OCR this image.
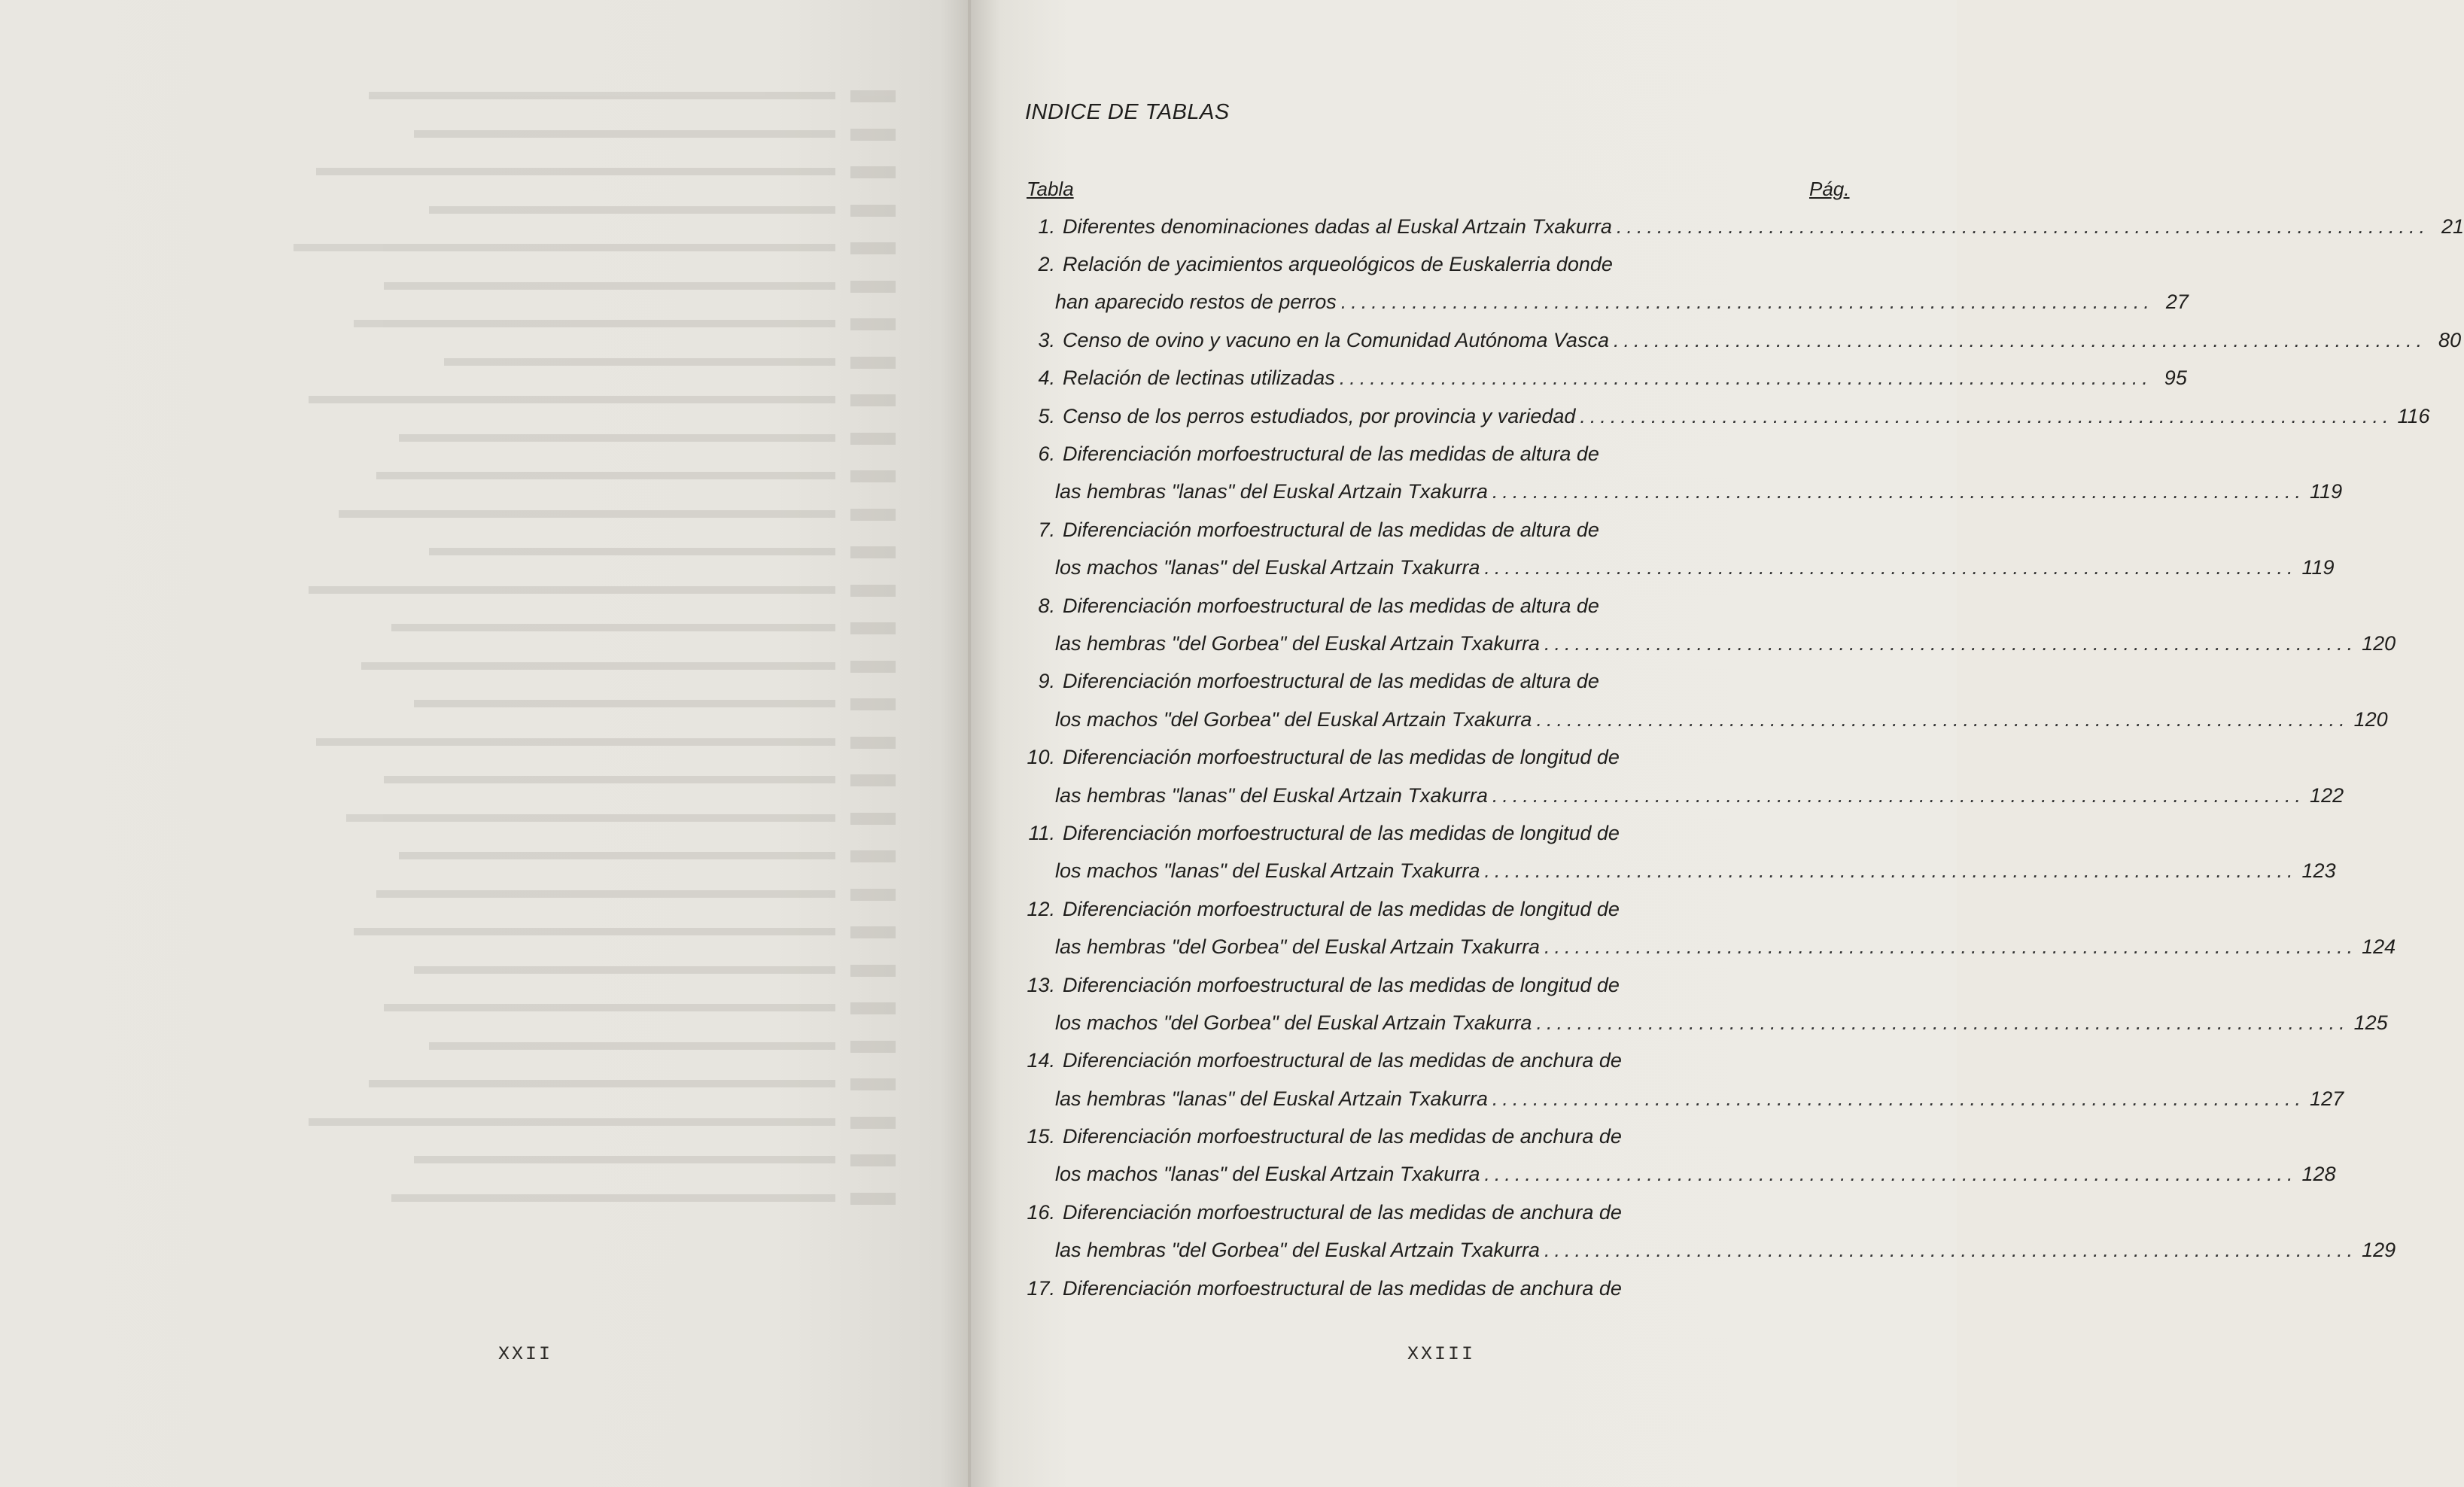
XXII
INDICE DE TABLAS
Tabla	Pág.
1. Diferentes denominaciones dadas al Euskal Artzain Txakurra ................................................................................ 21
2. Relación de yacimientos arqueológicos de Euskalerria donde
han aparecido restos de perros ................................................................................ 27
3. Censo de ovino y vacuno en la Comunidad Autónoma Vasca ................................................................................ 80
4. Relación de lectinas utilizadas ................................................................................ 95
5. Censo de los perros estudiados, por provincia y variedad ................................................................................ 116
6. Diferenciación morfoestructural de las medidas de altura de
las hembras "lanas" del Euskal Artzain Txakurra ................................................................................ 119
7. Diferenciación morfoestructural de las medidas de altura de
los machos "lanas" del Euskal Artzain Txakurra ................................................................................ 119
8. Diferenciación morfoestructural de las medidas de altura de
las hembras "del Gorbea" del Euskal Artzain Txakurra ................................................................................ 120
9. Diferenciación morfoestructural de las medidas de altura de
los machos "del Gorbea" del Euskal Artzain Txakurra ................................................................................ 120
10. Diferenciación morfoestructural de las medidas de longitud de
las hembras "lanas" del Euskal Artzain Txakurra ................................................................................ 122
11. Diferenciación morfoestructural de las medidas de longitud de
los machos "lanas" del Euskal Artzain Txakurra ................................................................................ 123
12. Diferenciación morfoestructural de las medidas de longitud de
las hembras "del Gorbea" del Euskal Artzain Txakurra ................................................................................ 124
13. Diferenciación morfoestructural de las medidas de longitud de
los machos "del Gorbea" del Euskal Artzain Txakurra ................................................................................ 125
14. Diferenciación morfoestructural de las medidas de anchura de
las hembras "lanas" del Euskal Artzain Txakurra ................................................................................ 127
15. Diferenciación morfoestructural de las medidas de anchura de
los machos "lanas" del Euskal Artzain Txakurra ................................................................................ 128
16. Diferenciación morfoestructural de las medidas de anchura de
las hembras "del Gorbea" del Euskal Artzain Txakurra ................................................................................ 129
17. Diferenciación morfoestructural de las medidas de anchura de
XXIII
